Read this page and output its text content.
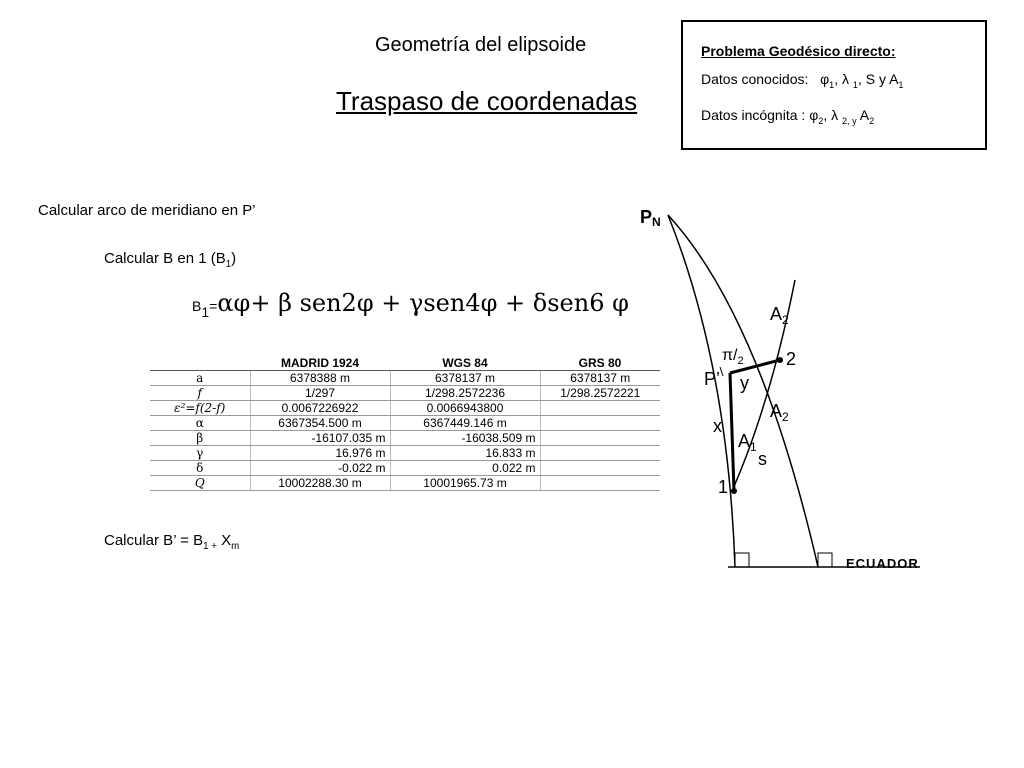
Geometría del elipsoide
Traspaso de coordenadas
Problema Geodésico directo:
Datos conocidos: $\varphi_1$, λ $_1$, S y $A_1$
Datos incógnita : $\varphi_2$, λ $_{2, y}$ $A_2$
Calcular arco de meridiano en P’
Calcular B en 1 $(B_1)$
$B_1=\alpha\varphi+ \beta$ sen2φ + γsen4φ + δsen6 φ
	MADRID 1924	WGS 84	GRS 80
a	6378388 m	6378137 m	6378137 m
f	1/297	1/298.2572236	1/298.2572221
ε²=f(2-f)	0.0067226922	0.0066943800	
α	6367354.500 m	6367449.146 m	
β	-16107.035 m	-16038.509 m	
γ	16.976 m	16.833 m	
δ	-0.022 m	0.022 m	
Q	10002288.30 m	10001965.73 m	
Calcular B’ = $B_{1 +}$ $X_m$
PN
$A_2$
$\pi/_2$ 2
P’ y
$A_2$
x
$A_1$
s
1
ECUADOR
